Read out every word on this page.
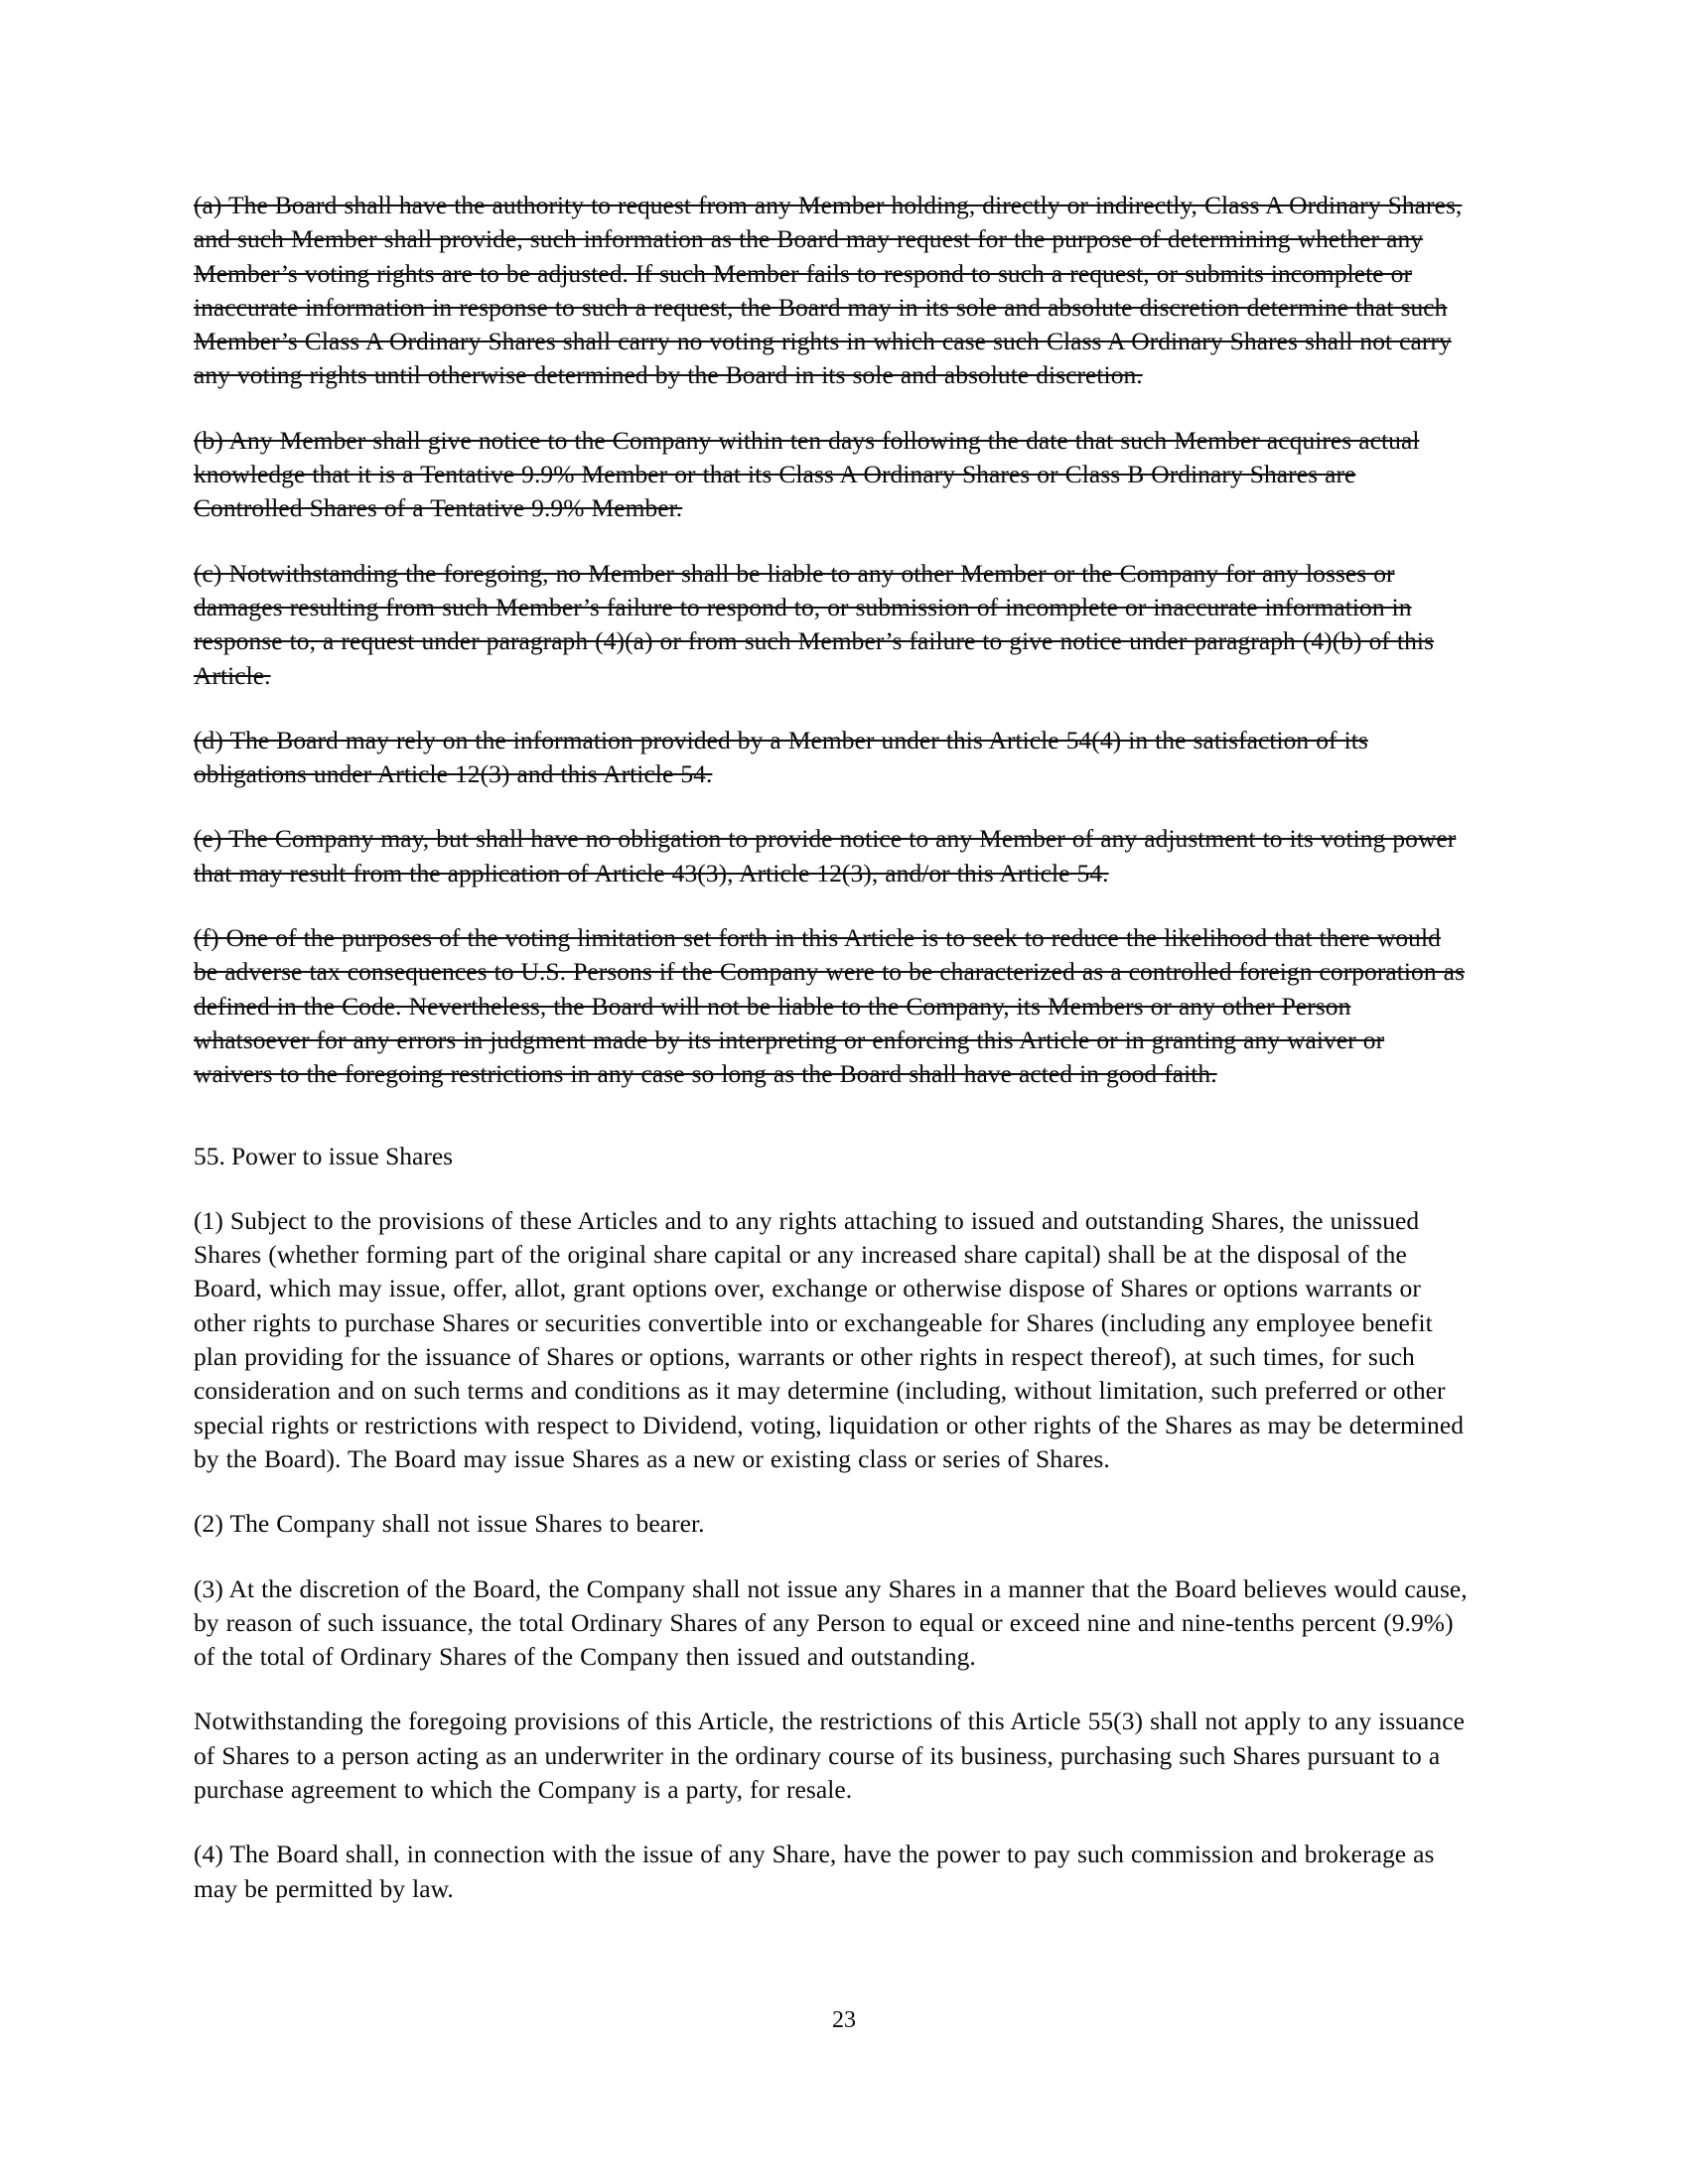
(a) The Board shall have the authority to request from any Member holding, directly or indirectly, Class A Ordinary Shares, and such Member shall provide, such information as the Board may request for the purpose of determining whether any Member’s voting rights are to be adjusted. If such Member fails to respond to such a request, or submits incomplete or inaccurate information in response to such a request, the Board may in its sole and absolute discretion determine that such Member’s Class A Ordinary Shares shall carry no voting rights in which case such Class A Ordinary Shares shall not carry any voting rights until otherwise determined by the Board in its sole and absolute discretion.

(b) Any Member shall give notice to the Company within ten days following the date that such Member acquires actual knowledge that it is a Tentative 9.9% Member or that its Class A Ordinary Shares or Class B Ordinary Shares are Controlled Shares of a Tentative 9.9% Member.

(c) Notwithstanding the foregoing, no Member shall be liable to any other Member or the Company for any losses or damages resulting from such Member’s failure to respond to, or submission of incomplete or inaccurate information in response to, a request under paragraph (4)(a) or from such Member’s failure to give notice under paragraph (4)(b) of this Article.

(d) The Board may rely on the information provided by a Member under this Article 54(4) in the satisfaction of its obligations under Article 12(3) and this Article 54.

(e) The Company may, but shall have no obligation to provide notice to any Member of any adjustment to its voting power that may result from the application of Article 43(3), Article 12(3), and/or this Article 54.

(f) One of the purposes of the voting limitation set forth in this Article is to seek to reduce the likelihood that there would be adverse tax consequences to U.S. Persons if the Company were to be characterized as a controlled foreign corporation as defined in the Code. Nevertheless, the Board will not be liable to the Company, its Members or any other Person whatsoever for any errors in judgment made by its interpreting or enforcing this Article or in granting any waiver or waivers to the foregoing restrictions in any case so long as the Board shall have acted in good faith.

55. Power to issue Shares

(1) Subject to the provisions of these Articles and to any rights attaching to issued and outstanding Shares, the unissued Shares (whether forming part of the original share capital or any increased share capital) shall be at the disposal of the Board, which may issue, offer, allot, grant options over, exchange or otherwise dispose of Shares or options warrants or other rights to purchase Shares or securities convertible into or exchangeable for Shares (including any employee benefit plan providing for the issuance of Shares or options, warrants or other rights in respect thereof), at such times, for such consideration and on such terms and conditions as it may determine (including, without limitation, such preferred or other special rights or restrictions with respect to Dividend, voting, liquidation or other rights of the Shares as may be determined by the Board). The Board may issue Shares as a new or existing class or series of Shares.

(2) The Company shall not issue Shares to bearer.

(3) At the discretion of the Board, the Company shall not issue any Shares in a manner that the Board believes would cause, by reason of such issuance, the total Ordinary Shares of any Person to equal or exceed nine and nine-tenths percent (9.9%) of the total of Ordinary Shares of the Company then issued and outstanding.

Notwithstanding the foregoing provisions of this Article, the restrictions of this Article 55(3) shall not apply to any issuance of Shares to a person acting as an underwriter in the ordinary course of its business, purchasing such Shares pursuant to a purchase agreement to which the Company is a party, for resale.

(4) The Board shall, in connection with the issue of any Share, have the power to pay such commission and brokerage as may be permitted by law.

23
